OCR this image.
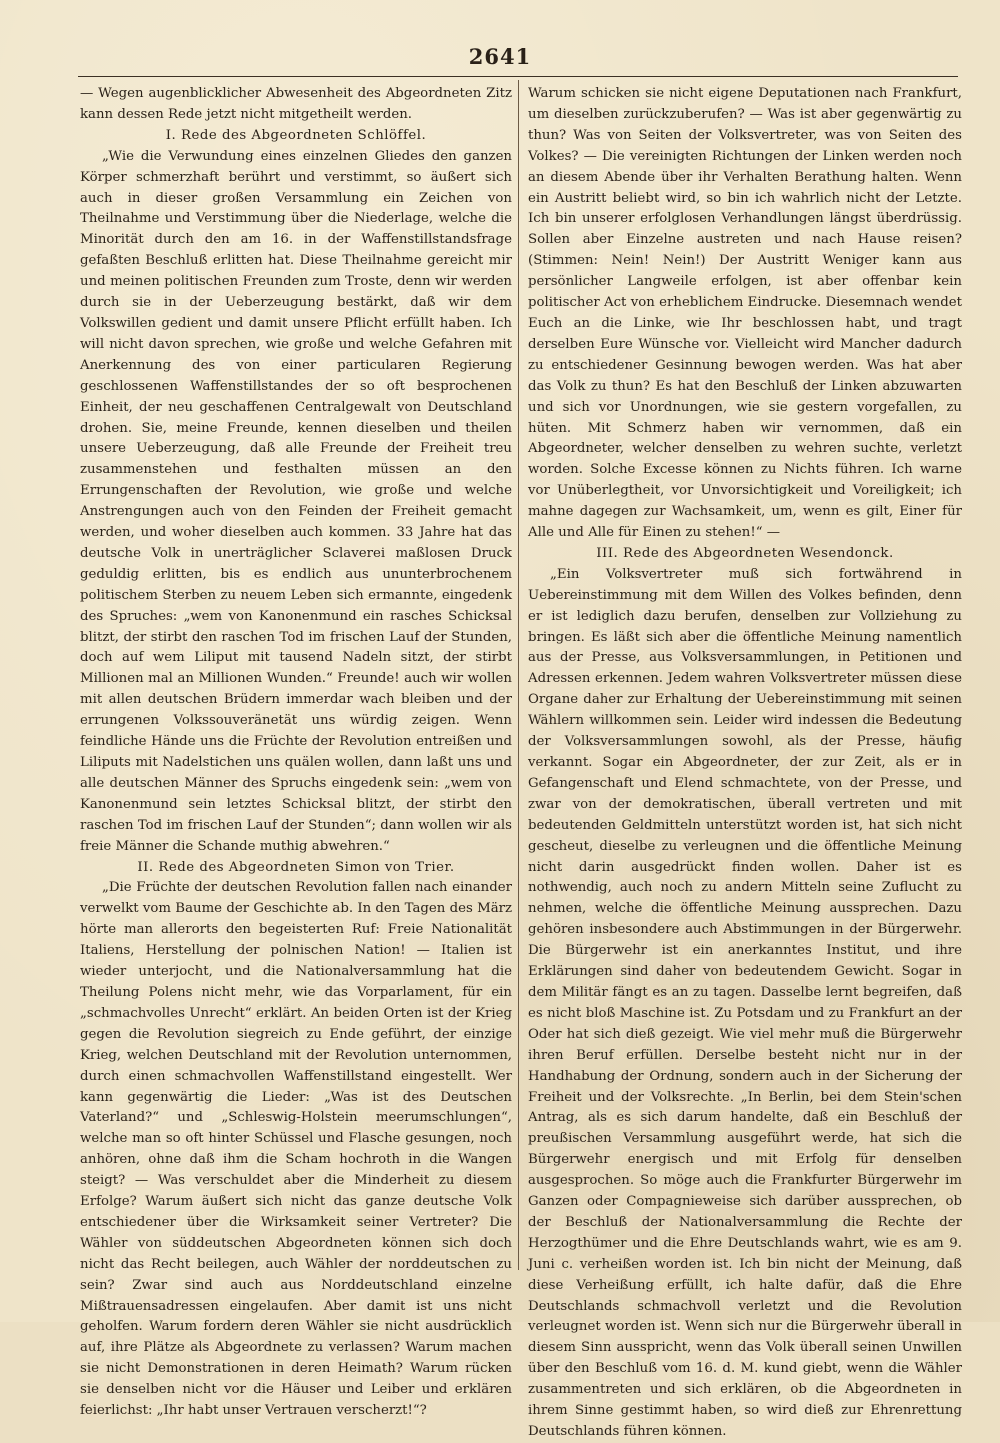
2641

— Wegen augenblicklicher Abwesenheit des Abgeordneten Zitz kann dessen Rede jetzt nicht mitgetheilt werden.

I. Rede des Abgeordneten Schlöffel.

„Wie die Verwundung eines einzelnen Gliedes den ganzen Körper schmerzhaft berührt und verstimmt, so äußert sich auch in dieser großen Versammlung ein Zeichen von Theilnahme und Verstimmung über die Niederlage, welche die Minorität durch den am 16. in der Waffenstillstandsfrage gefaßten Beschluß erlitten hat. Diese Theilnahme gereicht mir und meinen politischen Freunden zum Troste, denn wir werden durch sie in der Ueberzeugung bestärkt, daß wir dem Volkswillen gedient und damit unsere Pflicht erfüllt haben. Ich will nicht davon sprechen, wie große und welche Gefahren mit Anerkennung des von einer particularen Regierung geschlossenen Waffenstillstandes der so oft besprochenen Einheit, der neu geschaffenen Centralgewalt von Deutschland drohen. Sie, meine Freunde, kennen dieselben und theilen unsere Ueberzeugung, daß alle Freunde der Freiheit treu zusammenstehen und festhalten müssen an den Errungenschaften der Revolution, wie große und welche Anstrengungen auch von den Feinden der Freiheit gemacht werden, und woher dieselben auch kommen. 33 Jahre hat das deutsche Volk in unerträglicher Sclaverei maßlosen Druck geduldig erlitten, bis es endlich aus ununterbrochenem politischem Sterben zu neuem Leben sich ermannte, eingedenk des Spruches: „wem von Kanonenmund ein rasches Schicksal blitzt, der stirbt den raschen Tod im frischen Lauf der Stunden, doch auf wem Liliput mit tausend Nadeln sitzt, der stirbt Millionen mal an Millionen Wunden.“ Freunde! auch wir wollen mit allen deutschen Brüdern immerdar wach bleiben und der errungenen Volkssouveränetät uns würdig zeigen. Wenn feindliche Hände uns die Früchte der Revolution entreißen und Liliputs mit Nadelstichen uns quälen wollen, dann laßt uns und alle deutschen Männer des Spruchs eingedenk sein: „wem von Kanonenmund sein letztes Schicksal blitzt, der stirbt den raschen Tod im frischen Lauf der Stunden“; dann wollen wir als freie Männer die Schande muthig abwehren.“

II. Rede des Abgeordneten Simon von Trier.

„Die Früchte der deutschen Revolution fallen nach einander verwelkt vom Baume der Geschichte ab. In den Tagen des März hörte man allerorts den begeisterten Ruf: Freie Nationalität Italiens, Herstellung der polnischen Nation! — Italien ist wieder unterjocht, und die Nationalversammlung hat die Theilung Polens nicht mehr, wie das Vorparlament, für ein „schmachvolles Unrecht“ erklärt. An beiden Orten ist der Krieg gegen die Revolution siegreich zu Ende geführt, der einzige Krieg, welchen Deutschland mit der Revolution unternommen, durch einen schmachvollen Waffenstillstand eingestellt. Wer kann gegenwärtig die Lieder: „Was ist des Deutschen Vaterland?“ und „Schleswig-Holstein meerumschlungen“, welche man so oft hinter Schüssel und Flasche gesungen, noch anhören, ohne daß ihm die Scham hochroth in die Wangen steigt? — Was verschuldet aber die Minderheit zu diesem Erfolge? Warum äußert sich nicht das ganze deutsche Volk entschiedener über die Wirksamkeit seiner Vertreter? Die Wähler von süddeutschen Abgeordneten können sich doch nicht das Recht beilegen, auch Wähler der norddeutschen zu sein? Zwar sind auch aus Norddeutschland einzelne Mißtrauensadressen eingelaufen. Aber damit ist uns nicht geholfen. Warum fordern deren Wähler sie nicht ausdrücklich auf, ihre Plätze als Abgeordnete zu verlassen? Warum machen sie nicht Demonstrationen in deren Heimath? Warum rücken sie denselben nicht vor die Häuser und Leiber und erklären feierlichst: „Ihr habt unser Vertrauen verscherzt!“?

Warum schicken sie nicht eigene Deputationen nach Frankfurt, um dieselben zurückzuberufen? — Was ist aber gegenwärtig zu thun? Was von Seiten der Volksvertreter, was von Seiten des Volkes? — Die vereinigten Richtungen der Linken werden noch an diesem Abende über ihr Verhalten Berathung halten. Wenn ein Austritt beliebt wird, so bin ich wahrlich nicht der Letzte. Ich bin unserer erfolglosen Verhandlungen längst überdrüssig. Sollen aber Einzelne austreten und nach Hause reisen? (Stimmen: Nein! Nein!) Der Austritt Weniger kann aus persönlicher Langweile erfolgen, ist aber offenbar kein politischer Act von erheblichem Eindrucke. Diesemnach wendet Euch an die Linke, wie Ihr beschlossen habt, und tragt derselben Eure Wünsche vor. Vielleicht wird Mancher dadurch zu entschiedener Gesinnung bewogen werden. Was hat aber das Volk zu thun? Es hat den Beschluß der Linken abzuwarten und sich vor Unordnungen, wie sie gestern vorgefallen, zu hüten. Mit Schmerz haben wir vernommen, daß ein Abgeordneter, welcher denselben zu wehren suchte, verletzt worden. Solche Excesse können zu Nichts führen. Ich warne vor Unüberlegtheit, vor Unvorsichtigkeit und Voreiligkeit; ich mahne dagegen zur Wachsamkeit, um, wenn es gilt, Einer für Alle und Alle für Einen zu stehen!“ —

III. Rede des Abgeordneten Wesendonck.

„Ein Volksvertreter muß sich fortwährend in Uebereinstimmung mit dem Willen des Volkes befinden, denn er ist lediglich dazu berufen, denselben zur Vollziehung zu bringen. Es läßt sich aber die öffentliche Meinung namentlich aus der Presse, aus Volksversammlungen, in Petitionen und Adressen erkennen. Jedem wahren Volksvertreter müssen diese Organe daher zur Erhaltung der Uebereinstimmung mit seinen Wählern willkommen sein. Leider wird indessen die Bedeutung der Volksversammlungen sowohl, als der Presse, häufig verkannt. Sogar ein Abgeordneter, der zur Zeit, als er in Gefangenschaft und Elend schmachtete, von der Presse, und zwar von der demokratischen, überall vertreten und mit bedeutenden Geldmitteln unterstützt worden ist, hat sich nicht gescheut, dieselbe zu verleugnen und die öffentliche Meinung nicht darin ausgedrückt finden wollen. Daher ist es nothwendig, auch noch zu andern Mitteln seine Zuflucht zu nehmen, welche die öffentliche Meinung aussprechen. Dazu gehören insbesondere auch Abstimmungen in der Bürgerwehr. Die Bürgerwehr ist ein anerkanntes Institut, und ihre Erklärungen sind daher von bedeutendem Gewicht. Sogar in dem Militär fängt es an zu tagen. Dasselbe lernt begreifen, daß es nicht bloß Maschine ist. Zu Potsdam und zu Frankfurt an der Oder hat sich dieß gezeigt. Wie viel mehr muß die Bürgerwehr ihren Beruf erfüllen. Derselbe besteht nicht nur in der Handhabung der Ordnung, sondern auch in der Sicherung der Freiheit und der Volksrechte. „In Berlin, bei dem Stein'schen Antrag, als es sich darum handelte, daß ein Beschluß der preußischen Versammlung ausgeführt werde, hat sich die Bürgerwehr energisch und mit Erfolg für denselben ausgesprochen. So möge auch die Frankfurter Bürgerwehr im Ganzen oder Compagnieweise sich darüber aussprechen, ob der Beschluß der Nationalversammlung die Rechte der Herzogthümer und die Ehre Deutschlands wahrt, wie es am 9. Juni c. verheißen worden ist. Ich bin nicht der Meinung, daß diese Verheißung erfüllt, ich halte dafür, daß die Ehre Deutschlands schmachvoll verletzt und die Revolution verleugnet worden ist. Wenn sich nur die Bürgerwehr überall in diesem Sinn ausspricht, wenn das Volk überall seinen Unwillen über den Beschluß vom 16. d. M. kund giebt, wenn die Wähler zusammentreten und sich erklären, ob die Abgeordneten in ihrem Sinne gestimmt haben, so wird dieß zur Ehrenrettung Deutschlands führen können.
